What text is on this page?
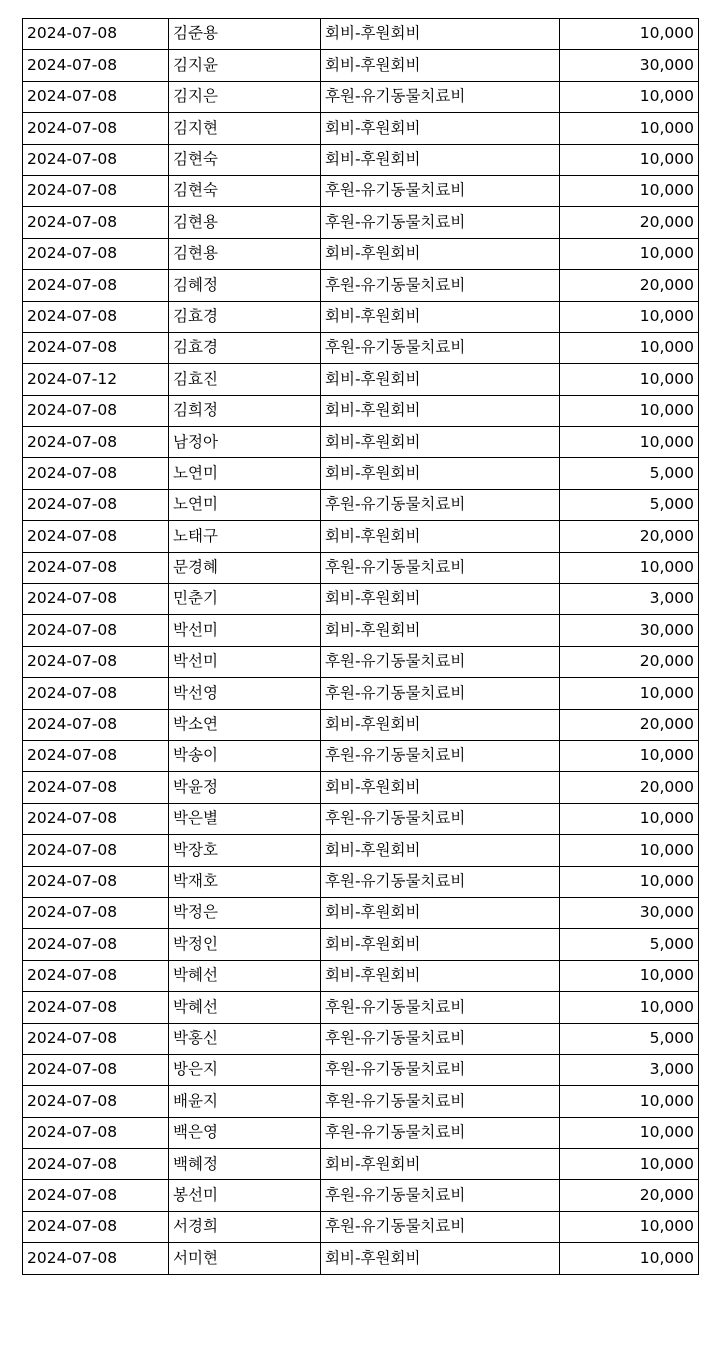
2024-07-08	김준용	회비-후원회비	10,000
2024-07-08	김지윤	회비-후원회비	30,000
2024-07-08	김지은	후원-유기동물치료비	10,000
2024-07-08	김지현	회비-후원회비	10,000
2024-07-08	김현숙	회비-후원회비	10,000
2024-07-08	김현숙	후원-유기동물치료비	10,000
2024-07-08	김현용	후원-유기동물치료비	20,000
2024-07-08	김현용	회비-후원회비	10,000
2024-07-08	김혜정	후원-유기동물치료비	20,000
2024-07-08	김효경	회비-후원회비	10,000
2024-07-08	김효경	후원-유기동물치료비	10,000
2024-07-12	김효진	회비-후원회비	10,000
2024-07-08	김희정	회비-후원회비	10,000
2024-07-08	남정아	회비-후원회비	10,000
2024-07-08	노연미	회비-후원회비	5,000
2024-07-08	노연미	후원-유기동물치료비	5,000
2024-07-08	노태구	회비-후원회비	20,000
2024-07-08	문경혜	후원-유기동물치료비	10,000
2024-07-08	민춘기	회비-후원회비	3,000
2024-07-08	박선미	회비-후원회비	30,000
2024-07-08	박선미	후원-유기동물치료비	20,000
2024-07-08	박선영	후원-유기동물치료비	10,000
2024-07-08	박소연	회비-후원회비	20,000
2024-07-08	박송이	후원-유기동물치료비	10,000
2024-07-08	박윤정	회비-후원회비	20,000
2024-07-08	박은별	후원-유기동물치료비	10,000
2024-07-08	박장호	회비-후원회비	10,000
2024-07-08	박재호	후원-유기동물치료비	10,000
2024-07-08	박정은	회비-후원회비	30,000
2024-07-08	박정인	회비-후원회비	5,000
2024-07-08	박혜선	회비-후원회비	10,000
2024-07-08	박혜선	후원-유기동물치료비	10,000
2024-07-08	박홍신	후원-유기동물치료비	5,000
2024-07-08	방은지	후원-유기동물치료비	3,000
2024-07-08	배윤지	후원-유기동물치료비	10,000
2024-07-08	백은영	후원-유기동물치료비	10,000
2024-07-08	백혜정	회비-후원회비	10,000
2024-07-08	봉선미	후원-유기동물치료비	20,000
2024-07-08	서경희	후원-유기동물치료비	10,000
2024-07-08	서미현	회비-후원회비	10,000
